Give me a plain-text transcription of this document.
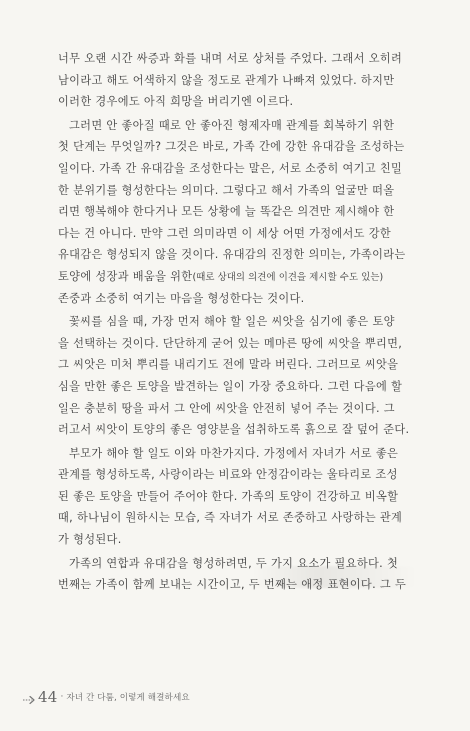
너무 오랜 시간 싸증과 화를 내며 서로 상처를 주었다. 그래서 오히려
남이라고 해도 어색하지 않을 정도로 관계가 나빠져 있었다. 하지만
이러한 경우에도 아직 희망을 버리기엔 이르다.
그러면 안 좋아질 때로 안 좋아진 형제자매 관계를 회복하기 위한
첫 단계는 무엇일까? 그것은 바로, 가족 간에 강한 유대감을 조성하는
일이다. 가족 간 유대감을 조성한다는 말은, 서로 소중히 여기고 친밀
한 분위기를 형성한다는 의미다. 그렇다고 해서 가족의 얼굴만 떠올
리면 행복해야 한다거나 모든 상황에 늘 똑같은 의견만 제시해야 한
다는 건 아니다. 만약 그런 의미라면 이 세상 어떤 가정에서도 강한
유대감은 형성되지 않을 것이다. 유대감의 진정한 의미는, 가족이라는
토양에 성장과 배움을 위한(때로 상대의 의견에 이견을 제시할 수도 있는)
존중과 소중히 여기는 마음을 형성한다는 것이다.
꽃씨를 심을 때, 가장 먼저 해야 할 일은 씨앗을 심기에 좋은 토양
을 선택하는 것이다. 단단하게 굳어 있는 메마른 땅에 씨앗을 뿌리면,
그 씨앗은 미처 뿌리를 내리기도 전에 말라 버린다. 그러므로 씨앗을
심을 만한 좋은 토양을 발견하는 일이 가장 중요하다. 그런 다음에 할
일은 충분히 땅을 파서 그 안에 씨앗을 안전히 넣어 주는 것이다. 그
러고서 씨앗이 토양의 좋은 영양분을 섭취하도록 흙으로 잘 덮어 준다.
부모가 해야 할 일도 이와 마찬가지다. 가정에서 자녀가 서로 좋은
관계를 형성하도록, 사랑이라는 비료와 안정감이라는 울타리로 조성
된 좋은 토양을 만들어 주어야 한다. 가족의 토양이 건강하고 비옥할
때, 하나님이 원하시는 모습, 즉 자녀가 서로 존중하고 사랑하는 관계
가 형성된다.
가족의 연합과 유대감을 형성하려면, 두 가지 요소가 필요하다. 첫
번째는 가족이 함께 보내는 시간이고, 두 번째는 애정 표현이다. 그 두
44 · 자녀 간 다툼, 이렇게 해결하세요
